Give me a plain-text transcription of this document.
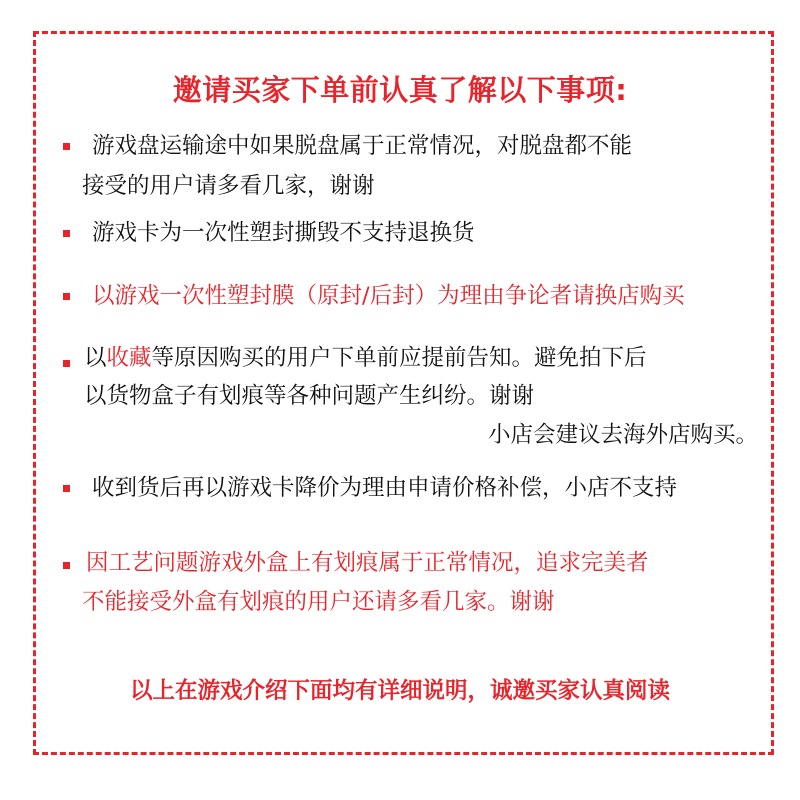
邀请买家下单前认真了解以下事项:
游戏盘运输途中如果脱盘属于正常情况，对脱盘都不能
接受的用户请多看几家，谢谢
游戏卡为一次性塑封撕毁不支持退换货
以游戏一次性塑封膜（原封/后封）为理由争论者请换店购买
以收藏等原因购买的用户下单前应提前告知。避免拍下后
以货物盒子有划痕等各种问题产生纠纷。谢谢
小店会建议去海外店购买。
收到货后再以游戏卡降价为理由申请价格补偿，小店不支持
因工艺问题游戏外盒上有划痕属于正常情况，追求完美者
不能接受外盒有划痕的用户还请多看几家。谢谢
以上在游戏介绍下面均有详细说明，诚邀买家认真阅读
